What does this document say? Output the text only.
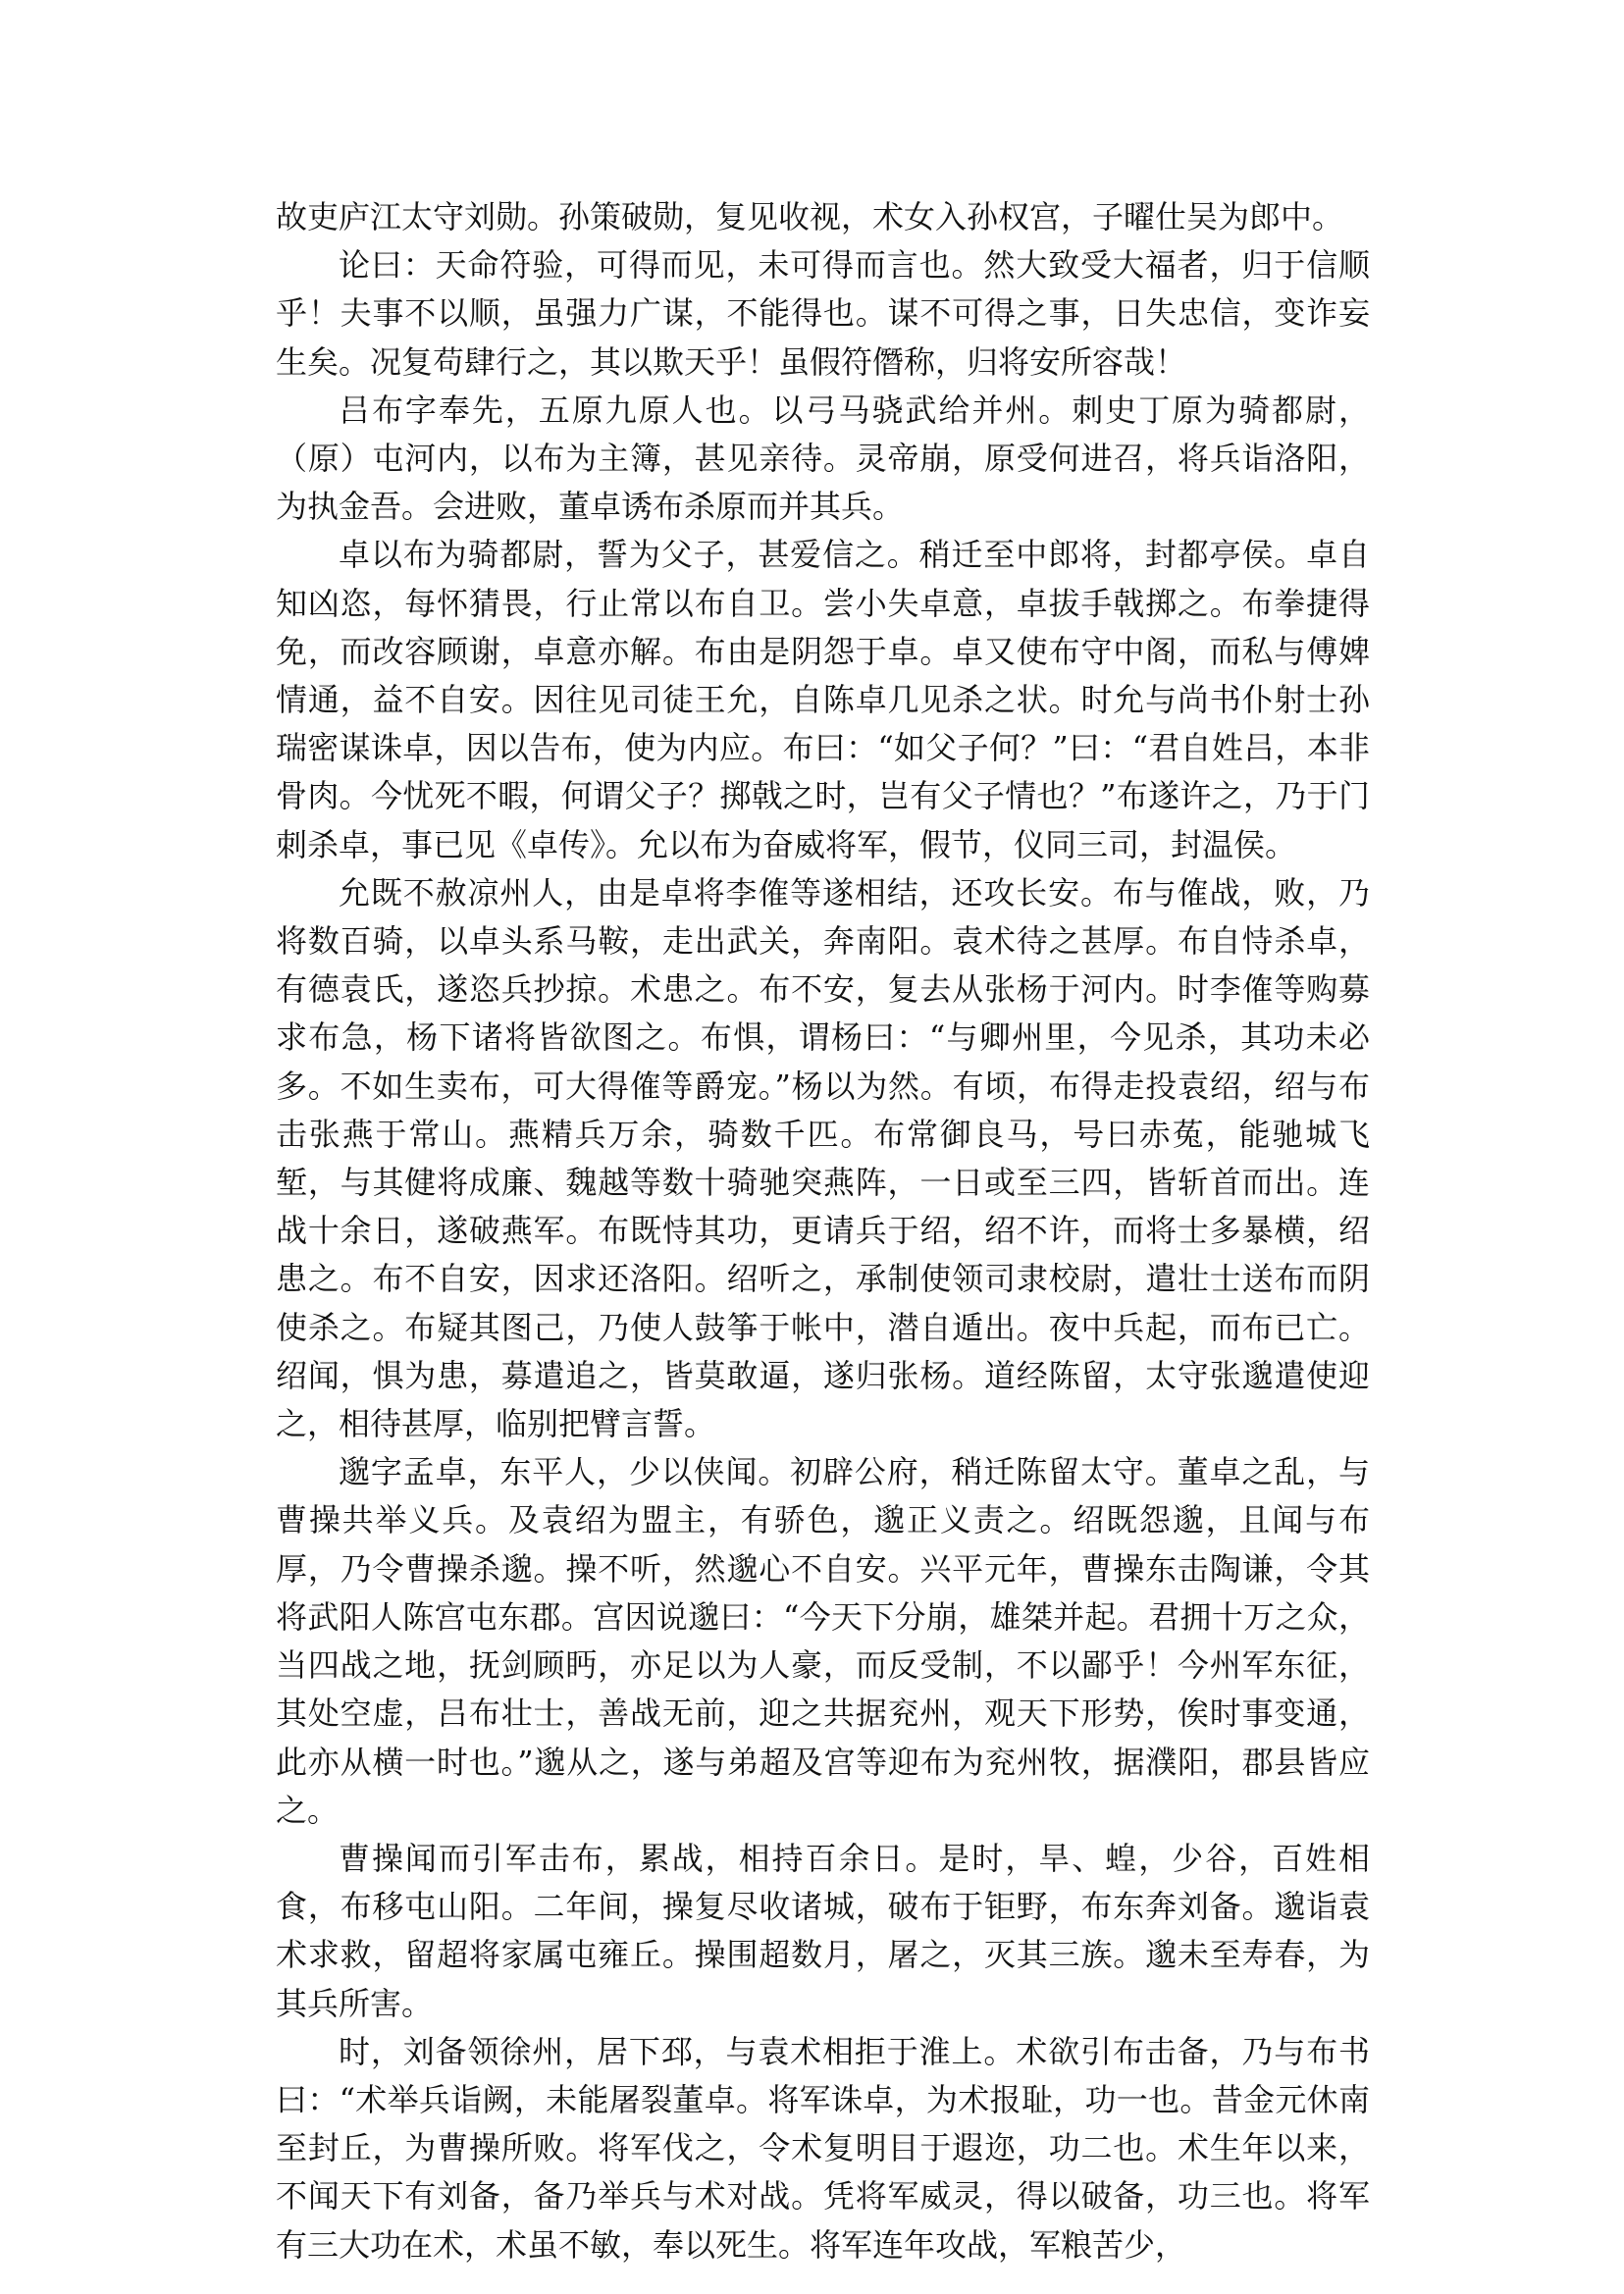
故吏庐江太守刘勋。孙策破勋，复见收视，术女入孙权宫，子曜仕吴为郎中。

论曰：天命符验，可得而见，未可得而言也。然大致受大福者，归于信顺乎！夫事不以顺，虽强力广谋，不能得也。谋不可得之事，日失忠信，变诈妄生矣。况复苟肆行之，其以欺天乎！虽假符僭称，归将安所容哉！

吕布字奉先，五原九原人也。以弓马骁武给并州。刺史丁原为骑都尉，（原）屯河内，以布为主簿，甚见亲待。灵帝崩，原受何进召，将兵诣洛阳，为执金吾。会进败，董卓诱布杀原而并其兵。

卓以布为骑都尉，誓为父子，甚爱信之。稍迁至中郎将，封都亭侯。卓自知凶恣，每怀猜畏，行止常以布自卫。尝小失卓意，卓拔手戟掷之。布拳捷得免，而改容顾谢，卓意亦解。布由是阴怨于卓。卓又使布守中阁，而私与傅婢情通，益不自安。因往见司徒王允，自陈卓几见杀之状。时允与尚书仆射士孙瑞密谋诛卓，因以告布，使为内应。布曰：“如父子何？”曰：“君自姓吕，本非骨肉。今忧死不暇，何谓父子？掷戟之时，岂有父子情也？”布遂许之，乃于门刺杀卓，事已见《卓传》。允以布为奋威将军，假节，仪同三司，封温侯。

允既不赦凉州人，由是卓将李傕等遂相结，还攻长安。布与傕战，败，乃将数百骑，以卓头系马鞍，走出武关，奔南阳。袁术待之甚厚。布自恃杀卓，有德袁氏，遂恣兵抄掠。术患之。布不安，复去从张杨于河内。时李傕等购募求布急，杨下诸将皆欲图之。布惧，谓杨曰：“与卿州里，今见杀，其功未必多。不如生卖布，可大得傕等爵宠。”杨以为然。有顷，布得走投袁绍，绍与布击张燕于常山。燕精兵万余，骑数千匹。布常御良马，号曰赤菟，能驰城飞堑，与其健将成廉、魏越等数十骑驰突燕阵，一日或至三四，皆斩首而出。连战十余日，遂破燕军。布既恃其功，更请兵于绍，绍不许，而将士多暴横，绍患之。布不自安，因求还洛阳。绍听之，承制使领司隶校尉，遣壮士送布而阴使杀之。布疑其图己，乃使人鼓筝于帐中，潜自遁出。夜中兵起，而布已亡。绍闻，惧为患，募遣追之，皆莫敢逼，遂归张杨。道经陈留，太守张邈遣使迎之，相待甚厚，临别把臂言誓。

邈字孟卓，东平人，少以侠闻。初辟公府，稍迁陈留太守。董卓之乱，与曹操共举义兵。及袁绍为盟主，有骄色，邈正义责之。绍既怨邈，且闻与布厚，乃令曹操杀邈。操不听，然邈心不自安。兴平元年，曹操东击陶谦，令其将武阳人陈宫屯东郡。宫因说邈曰：“今天下分崩，雄桀并起。君拥十万之众，当四战之地，抚剑顾眄，亦足以为人豪，而反受制，不以鄙乎！今州军东征，其处空虚，吕布壮士，善战无前，迎之共据兖州，观天下形势，俟时事变通，此亦从横一时也。”邈从之，遂与弟超及宫等迎布为兖州牧，据濮阳，郡县皆应之。

曹操闻而引军击布，累战，相持百余日。是时，旱、蝗，少谷，百姓相食，布移屯山阳。二年间，操复尽收诸城，破布于钜野，布东奔刘备。邈诣袁术求救，留超将家属屯雍丘。操围超数月，屠之，灭其三族。邈未至寿春，为其兵所害。

时，刘备领徐州，居下邳，与袁术相拒于淮上。术欲引布击备，乃与布书曰：“术举兵诣阙，未能屠裂董卓。将军诛卓，为术报耻，功一也。昔金元休南至封丘，为曹操所败。将军伐之，令术复明目于遐迩，功二也。术生年以来，不闻天下有刘备，备乃举兵与术对战。凭将军威灵，得以破备，功三也。将军有三大功在术，术虽不敏，奉以死生。将军连年攻战，军粮苦少，
